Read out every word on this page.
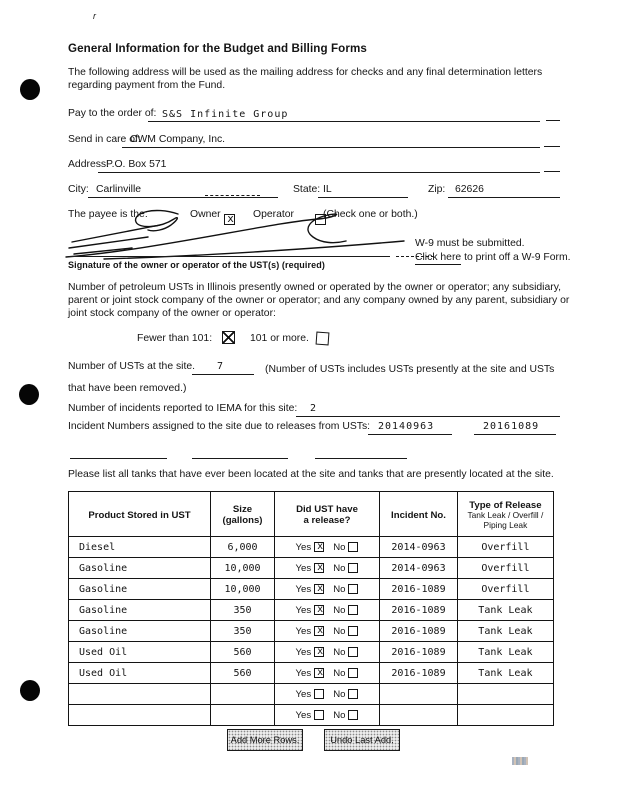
r
General Information for the Budget and Billing Forms
The following address will be used as the mailing address for checks and any final determination letters regarding payment from the Fund.
Pay to the order of: S&S Infinite Group
Send in care of:
CWM Company, Inc.
Address:
P.O. Box 571
City: Carlinville	State: IL	Zip: 62626
The payee is the:	Owner x
Operator	(Check one or both.)
Signature of the owner or operator of the UST(s) (required)
W-9 must be submitted.
Click here to print off a W-9 Form.
Number of petroleum USTs in Illinois presently owned or operated by the owner or operator; any subsidiary, parent or joint stock company of the owner or operator; and any company owned by any parent, subsidiary or joint stock company of the owner or operator:
Fewer than 101:	101 or more.
Number of USTs at the site. 7	(Number of USTs includes USTs presently at the site and USTs that have been removed.)
Number of incidents reported to IEMA for this site: 2
Incident Numbers assigned to the site due to releases from USTs: 20140963	20161089
Please list all tanks that have ever been located at the site and tanks that are presently located at the site.
Product Stored in UST	Size
(gallons)
Did UST have
a release?	Incident No.
Type of Release
Tank Leak / Overfill /
Piping Leak
Diesel	6,000	Yes x No	2014-0963	Overfill
Gasoline	10,000	Yes x No	2014-0963	Overfill
Gasoline	10,000	Yes x No	2016-1089	Overfill
Gasoline	350	Yes x No	2016-1089	Tank Leak
Gasoline	350	Yes x No	2016-1089	Tank Leak
Used Oil	560	Yes x No	2016-1089	Tank Leak
Used Oil	560	Yes x No	2016-1089	Tank Leak
Yes No
Yes No
Add More Rows.	Undo Last Add.
